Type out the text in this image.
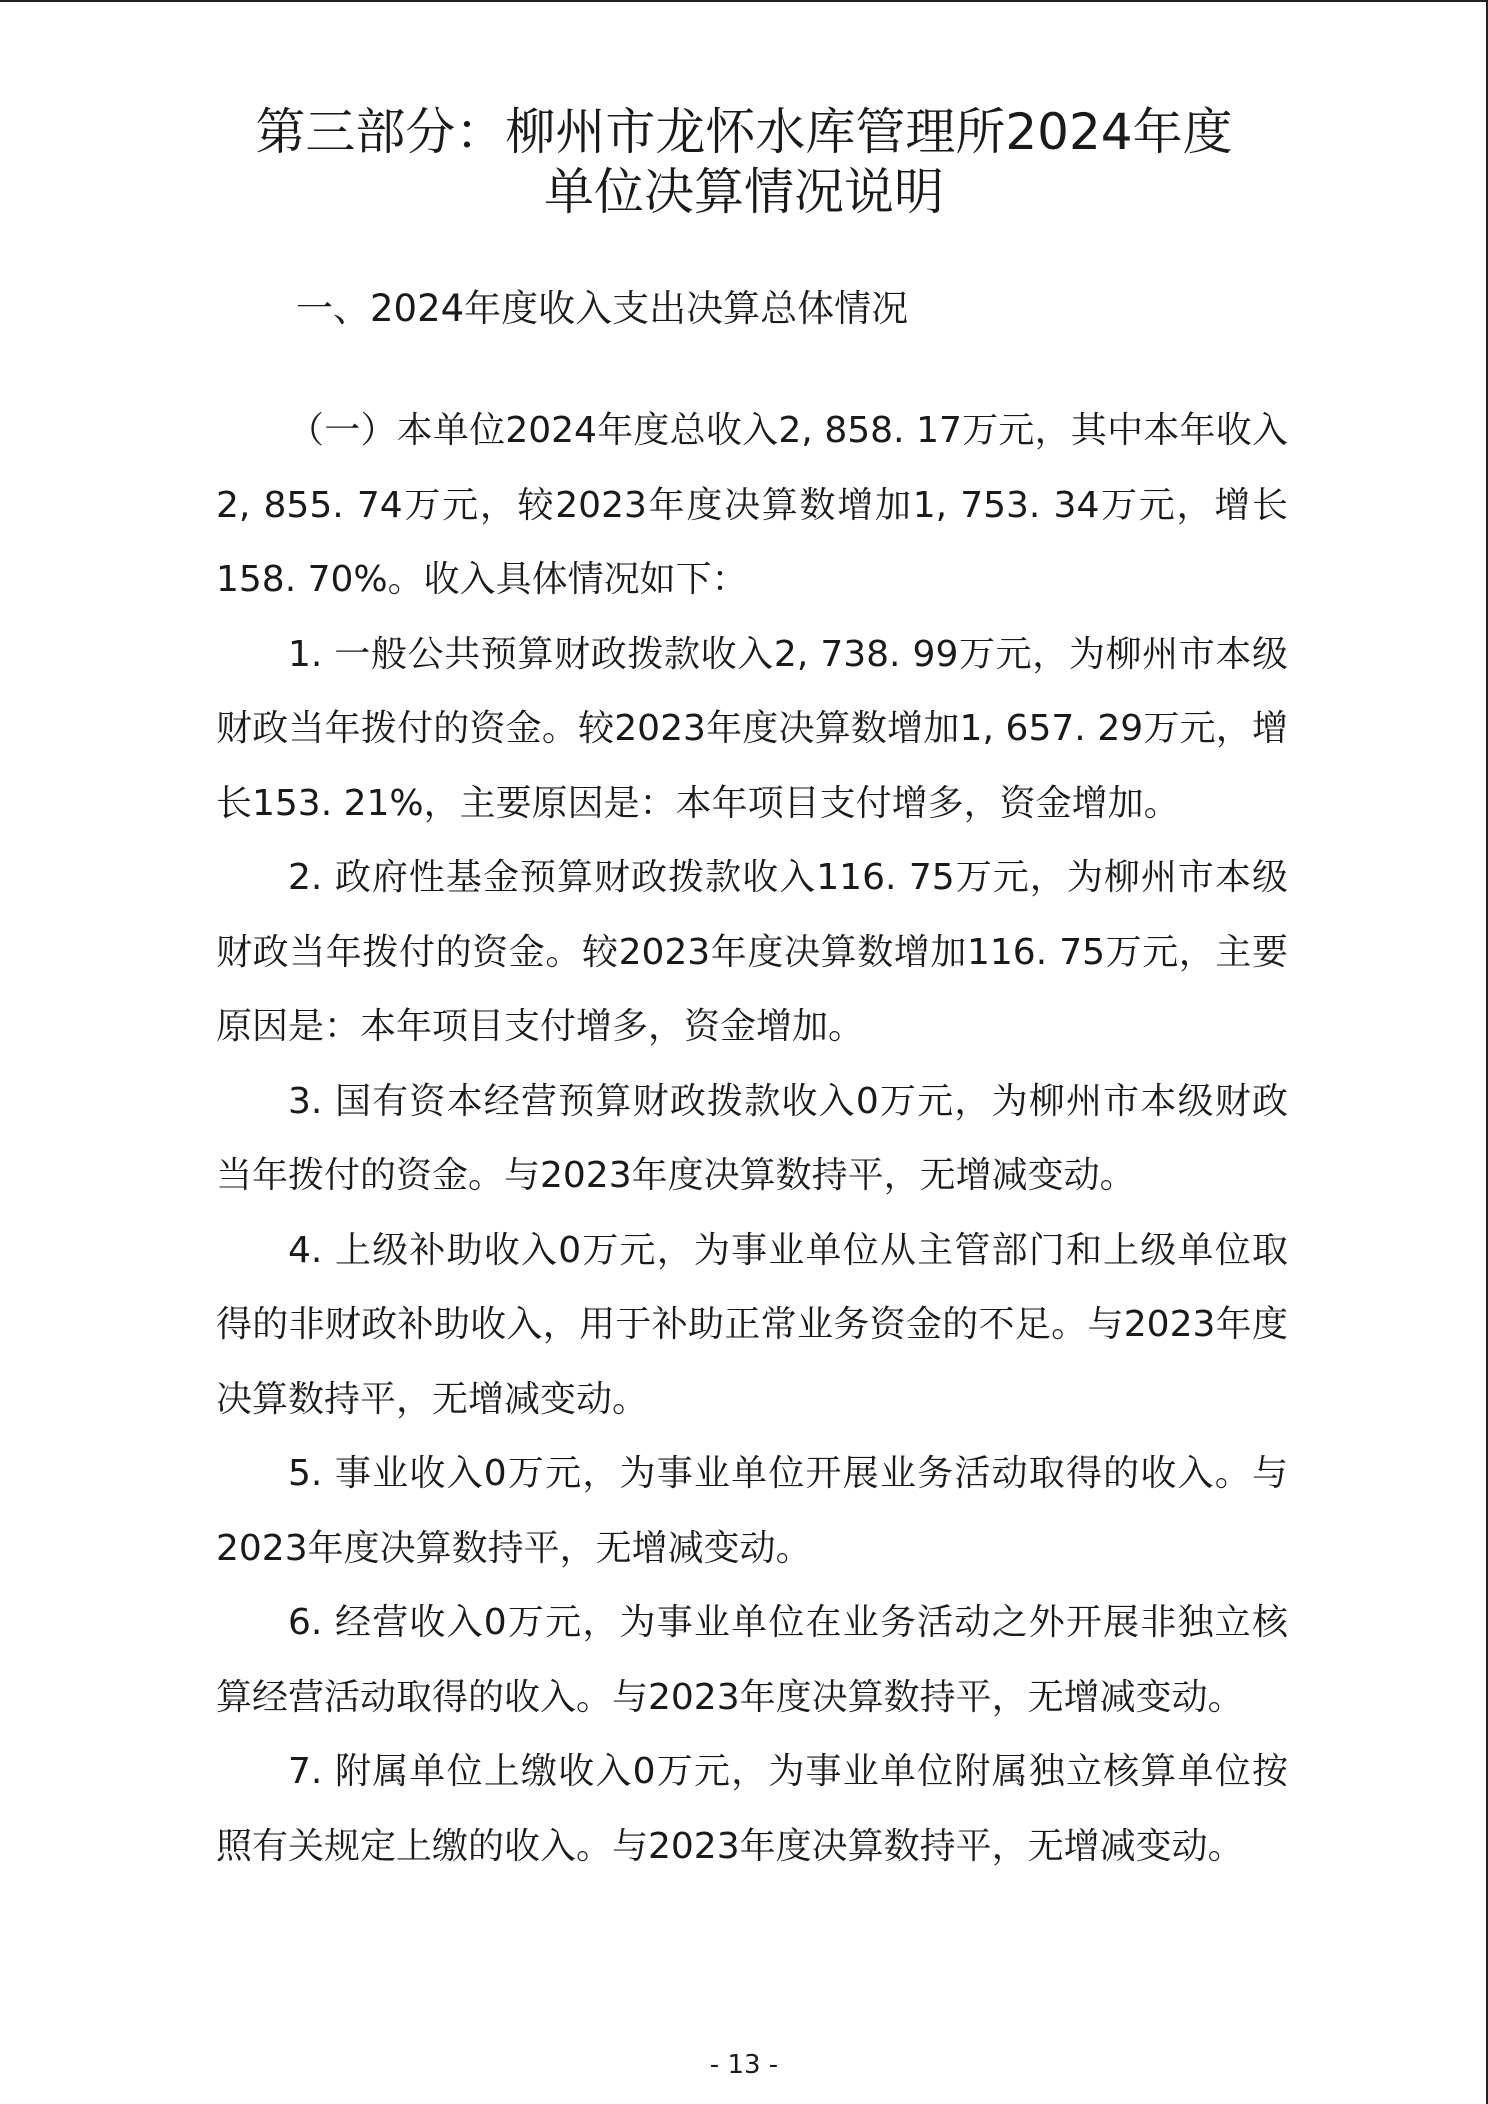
第三部分：柳州市龙怀水库管理所2024年度
单位决算情况说明
一、2024年度收入支出决算总体情况

（一）本单位2024年度总收入2, 858. 17万元，其中本年收入2, 855. 74万元，较2023年度决算数增加1, 753. 34万元，增长158. 70%。收入具体情况如下：

1. 一般公共预算财政拨款收入2, 738. 99万元，为柳州市本级财政当年拨付的资金。较2023年度决算数增加1, 657. 29万元，增长153. 21%，主要原因是：本年项目支付增多，资金增加。

2. 政府性基金预算财政拨款收入116. 75万元，为柳州市本级财政当年拨付的资金。较2023年度决算数增加116. 75万元，主要原因是：本年项目支付增多，资金增加。

3. 国有资本经营预算财政拨款收入0万元，为柳州市本级财政当年拨付的资金。与2023年度决算数持平，无增减变动。

4. 上级补助收入0万元，为事业单位从主管部门和上级单位取得的非财政补助收入，用于补助正常业务资金的不足。与2023年度决算数持平，无增减变动。

5. 事业收入0万元，为事业单位开展业务活动取得的收入。与2023年度决算数持平，无增减变动。

6. 经营收入0万元，为事业单位在业务活动之外开展非独立核算经营活动取得的收入。与2023年度决算数持平，无增减变动。

7. 附属单位上缴收入0万元，为事业单位附属独立核算单位按照有关规定上缴的收入。与2023年度决算数持平，无增减变动。

- 13 -
